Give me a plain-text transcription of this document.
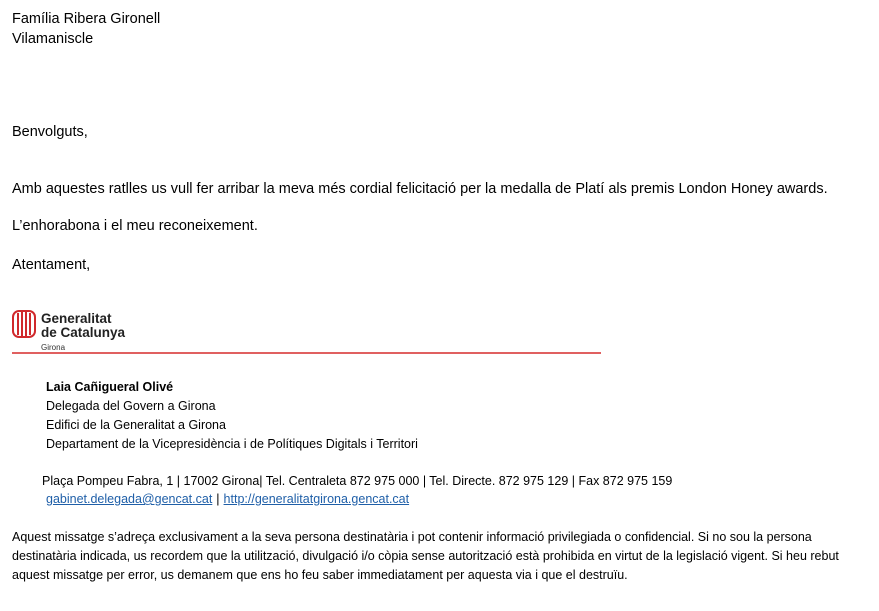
Família Ribera Gironell
Vilamaniscle
Benvolguts,
Amb aquestes ratlles us vull fer arribar la meva més cordial felicitació per la medalla de Platí als premis London Honey awards.
L’enhorabona i el meu reconeixement.
Atentament,
Generalitat
de Catalunya
Girona
Laia Cañigueral Olivé
Delegada del Govern a Girona
Edifici de la Generalitat a Girona
Departament de la Vicepresidència i de Polítiques Digitals i Territori
Plaça Pompeu Fabra, 1 | 17002 Girona| Tel. Centraleta 872 975 000 | Tel. Directe. 872 975 129 | Fax 872 975 159
gabinet.delegada@gencat.cat | http://generalitatgirona.gencat.cat
Aquest missatge s’adreça exclusivament a la seva persona destinatària i pot contenir informació privilegiada o confidencial. Si no sou la persona destinatària indicada, us recordem que la utilització, divulgació i/o còpia sense autorització està prohibida en virtut de la legislació vigent. Si heu rebut aquest missatge per error, us demanem que ens ho feu saber immediatament per aquesta via i que el destruïu.
